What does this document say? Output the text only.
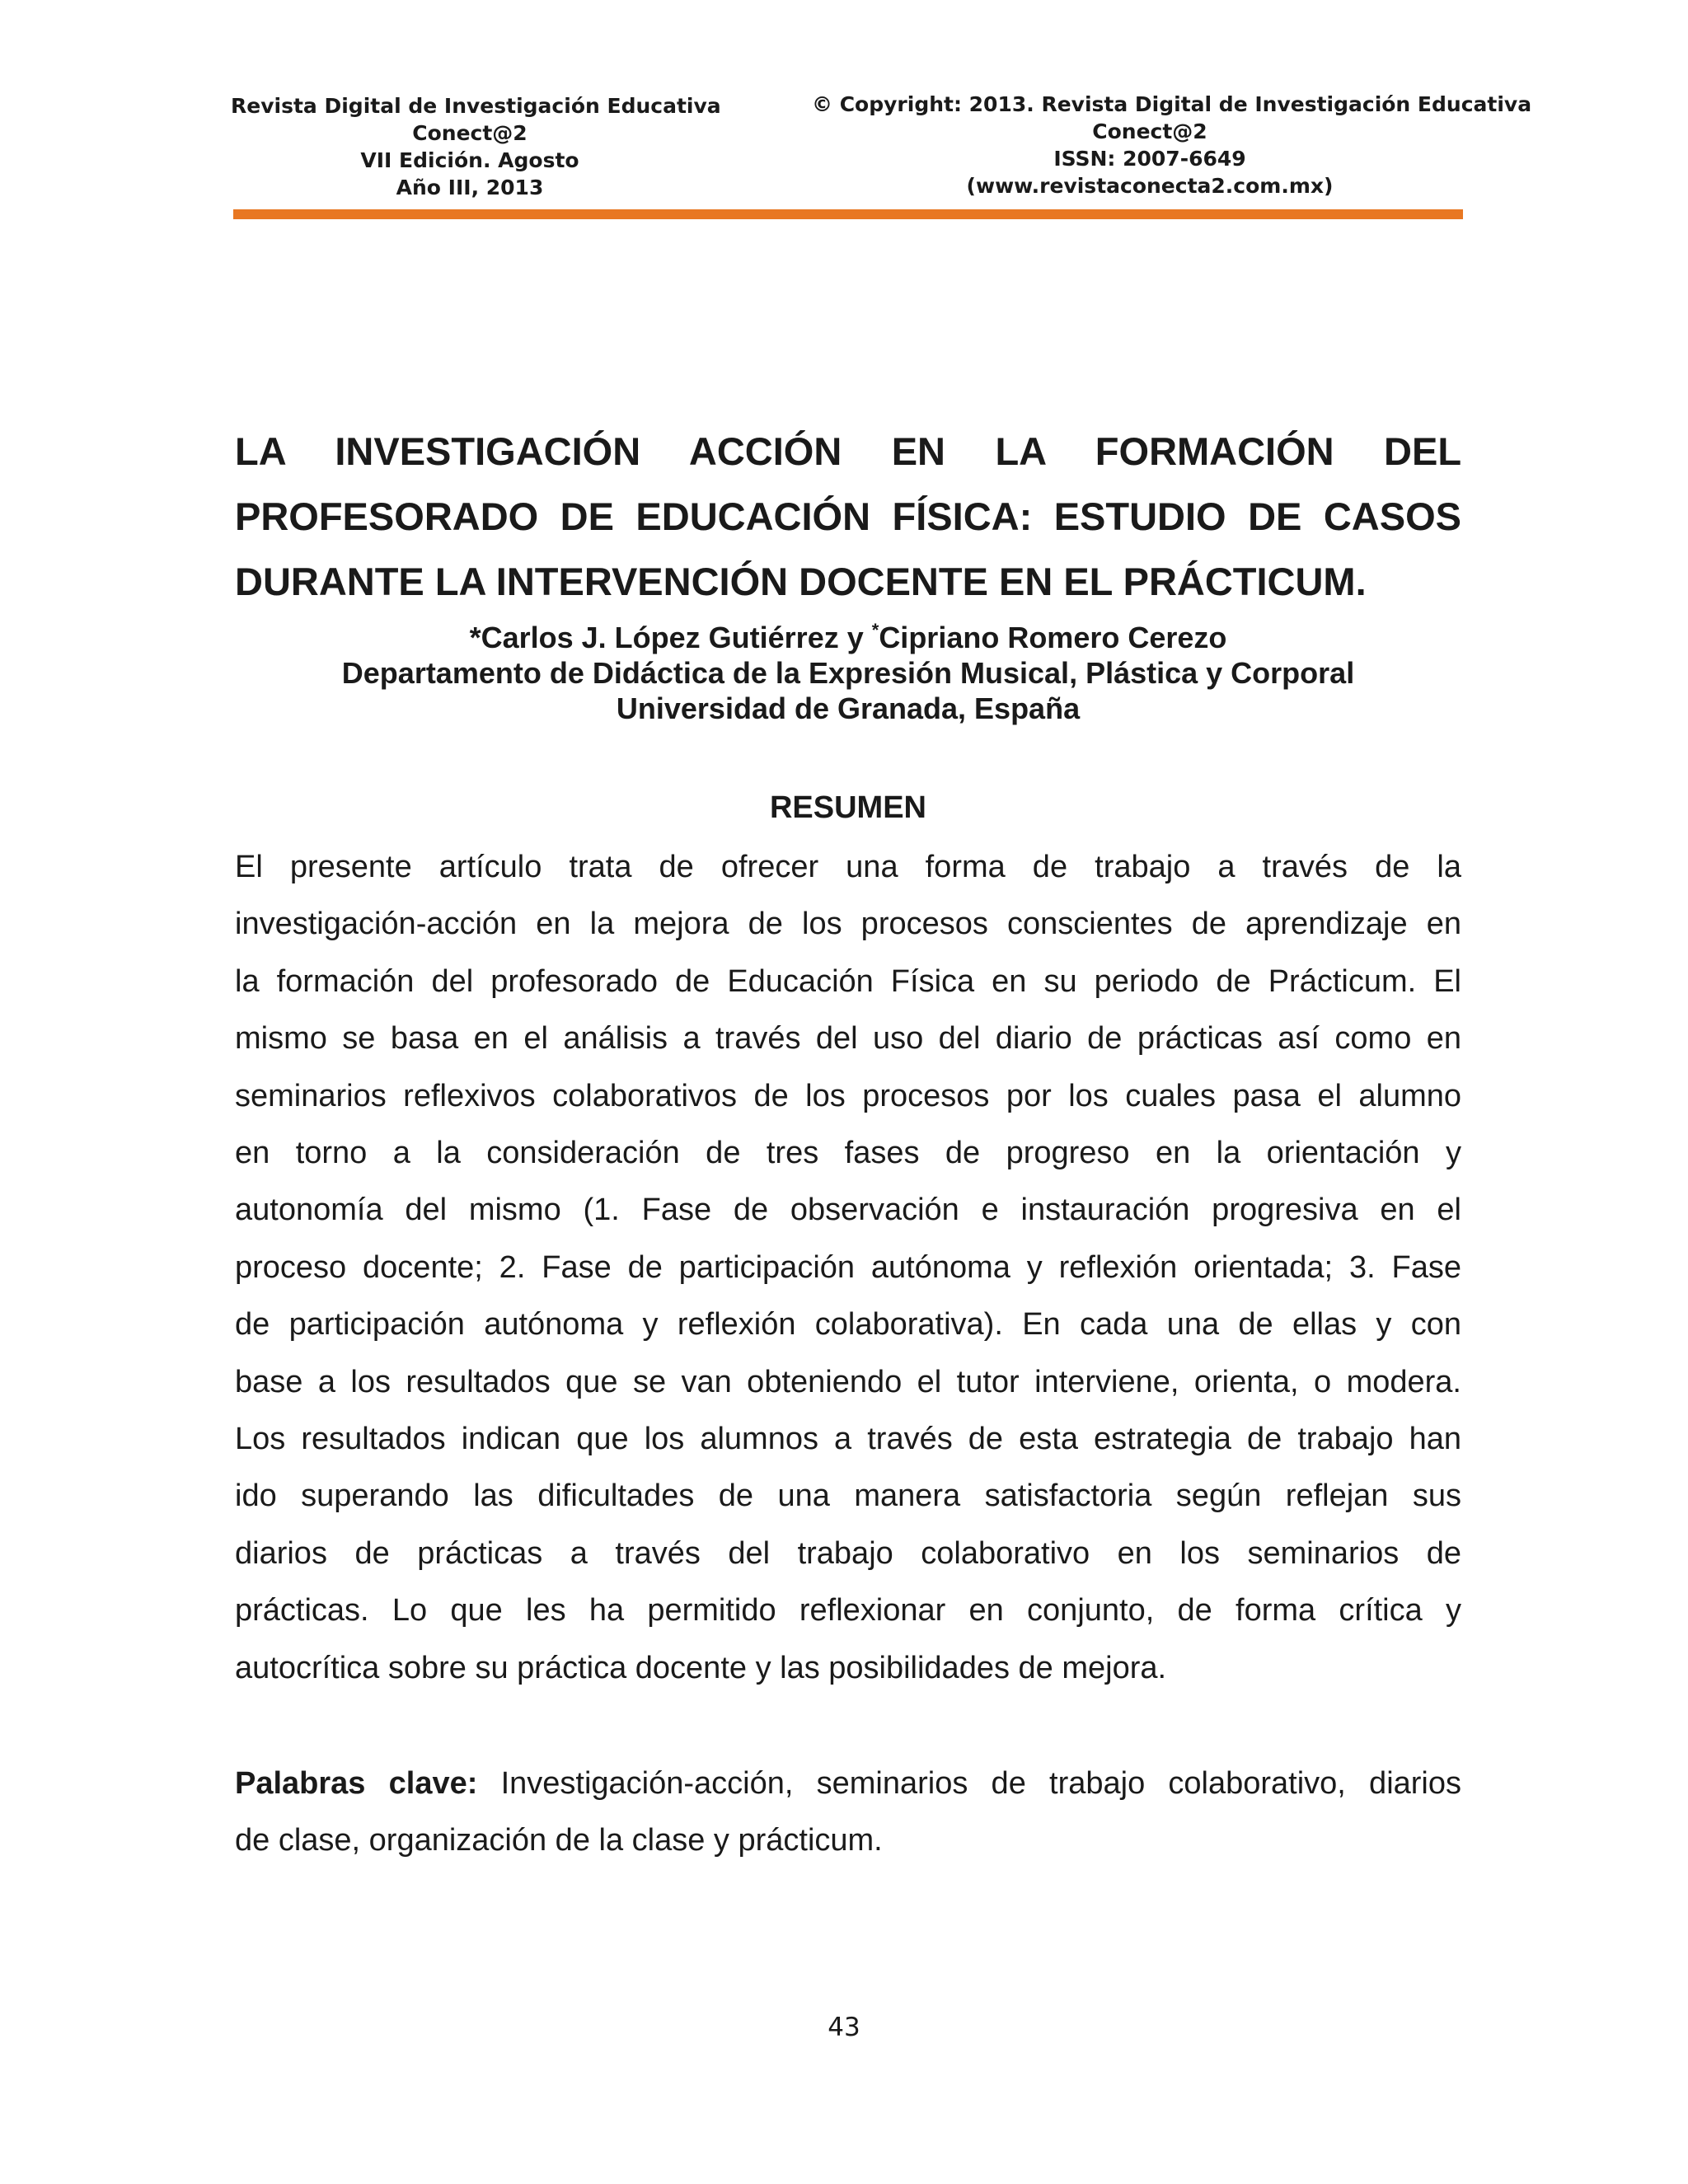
Revista Digital de Investigación Educativa
Conect@2
VII Edición. Agosto
Año III, 2013
© Copyright: 2013. Revista Digital de Investigación Educativa
Conect@2
ISSN: 2007-6649
(www.revistaconecta2.com.mx)
LA INVESTIGACIÓN ACCIÓN EN LA FORMACIÓN DEL
PROFESORADO DE EDUCACIÓN FÍSICA: ESTUDIO DE CASOS
DURANTE LA INTERVENCIÓN DOCENTE EN EL PRÁCTICUM.
*Carlos J. López Gutiérrez y *Cipriano Romero Cerezo
Departamento de Didáctica de la Expresión Musical, Plástica y Corporal
Universidad de Granada, España
RESUMEN
El presente artículo trata de ofrecer una forma de trabajo a través de la
investigación-acción en la mejora de los procesos conscientes de aprendizaje en
la formación del profesorado de Educación Física en su periodo de Prácticum. El
mismo se basa en el análisis a través del uso del diario de prácticas así como en
seminarios reflexivos colaborativos de los procesos por los cuales pasa el alumno
en torno a la consideración de tres fases de progreso en la orientación y
autonomía del mismo (1. Fase de observación e instauración progresiva en el
proceso docente; 2. Fase de participación autónoma y reflexión orientada; 3. Fase
de participación autónoma y reflexión colaborativa). En cada una de ellas y con
base a los resultados que se van obteniendo el tutor interviene, orienta, o modera.
Los resultados indican que los alumnos a través de esta estrategia de trabajo han
ido superando las dificultades de una manera satisfactoria según reflejan sus
diarios de prácticas a través del trabajo colaborativo en los seminarios de
prácticas. Lo que les ha permitido reflexionar en conjunto, de forma crítica y
autocrítica sobre su práctica docente y las posibilidades de mejora.
Palabras clave: Investigación-acción, seminarios de trabajo colaborativo, diarios
de clase, organización de la clase y prácticum.
43
